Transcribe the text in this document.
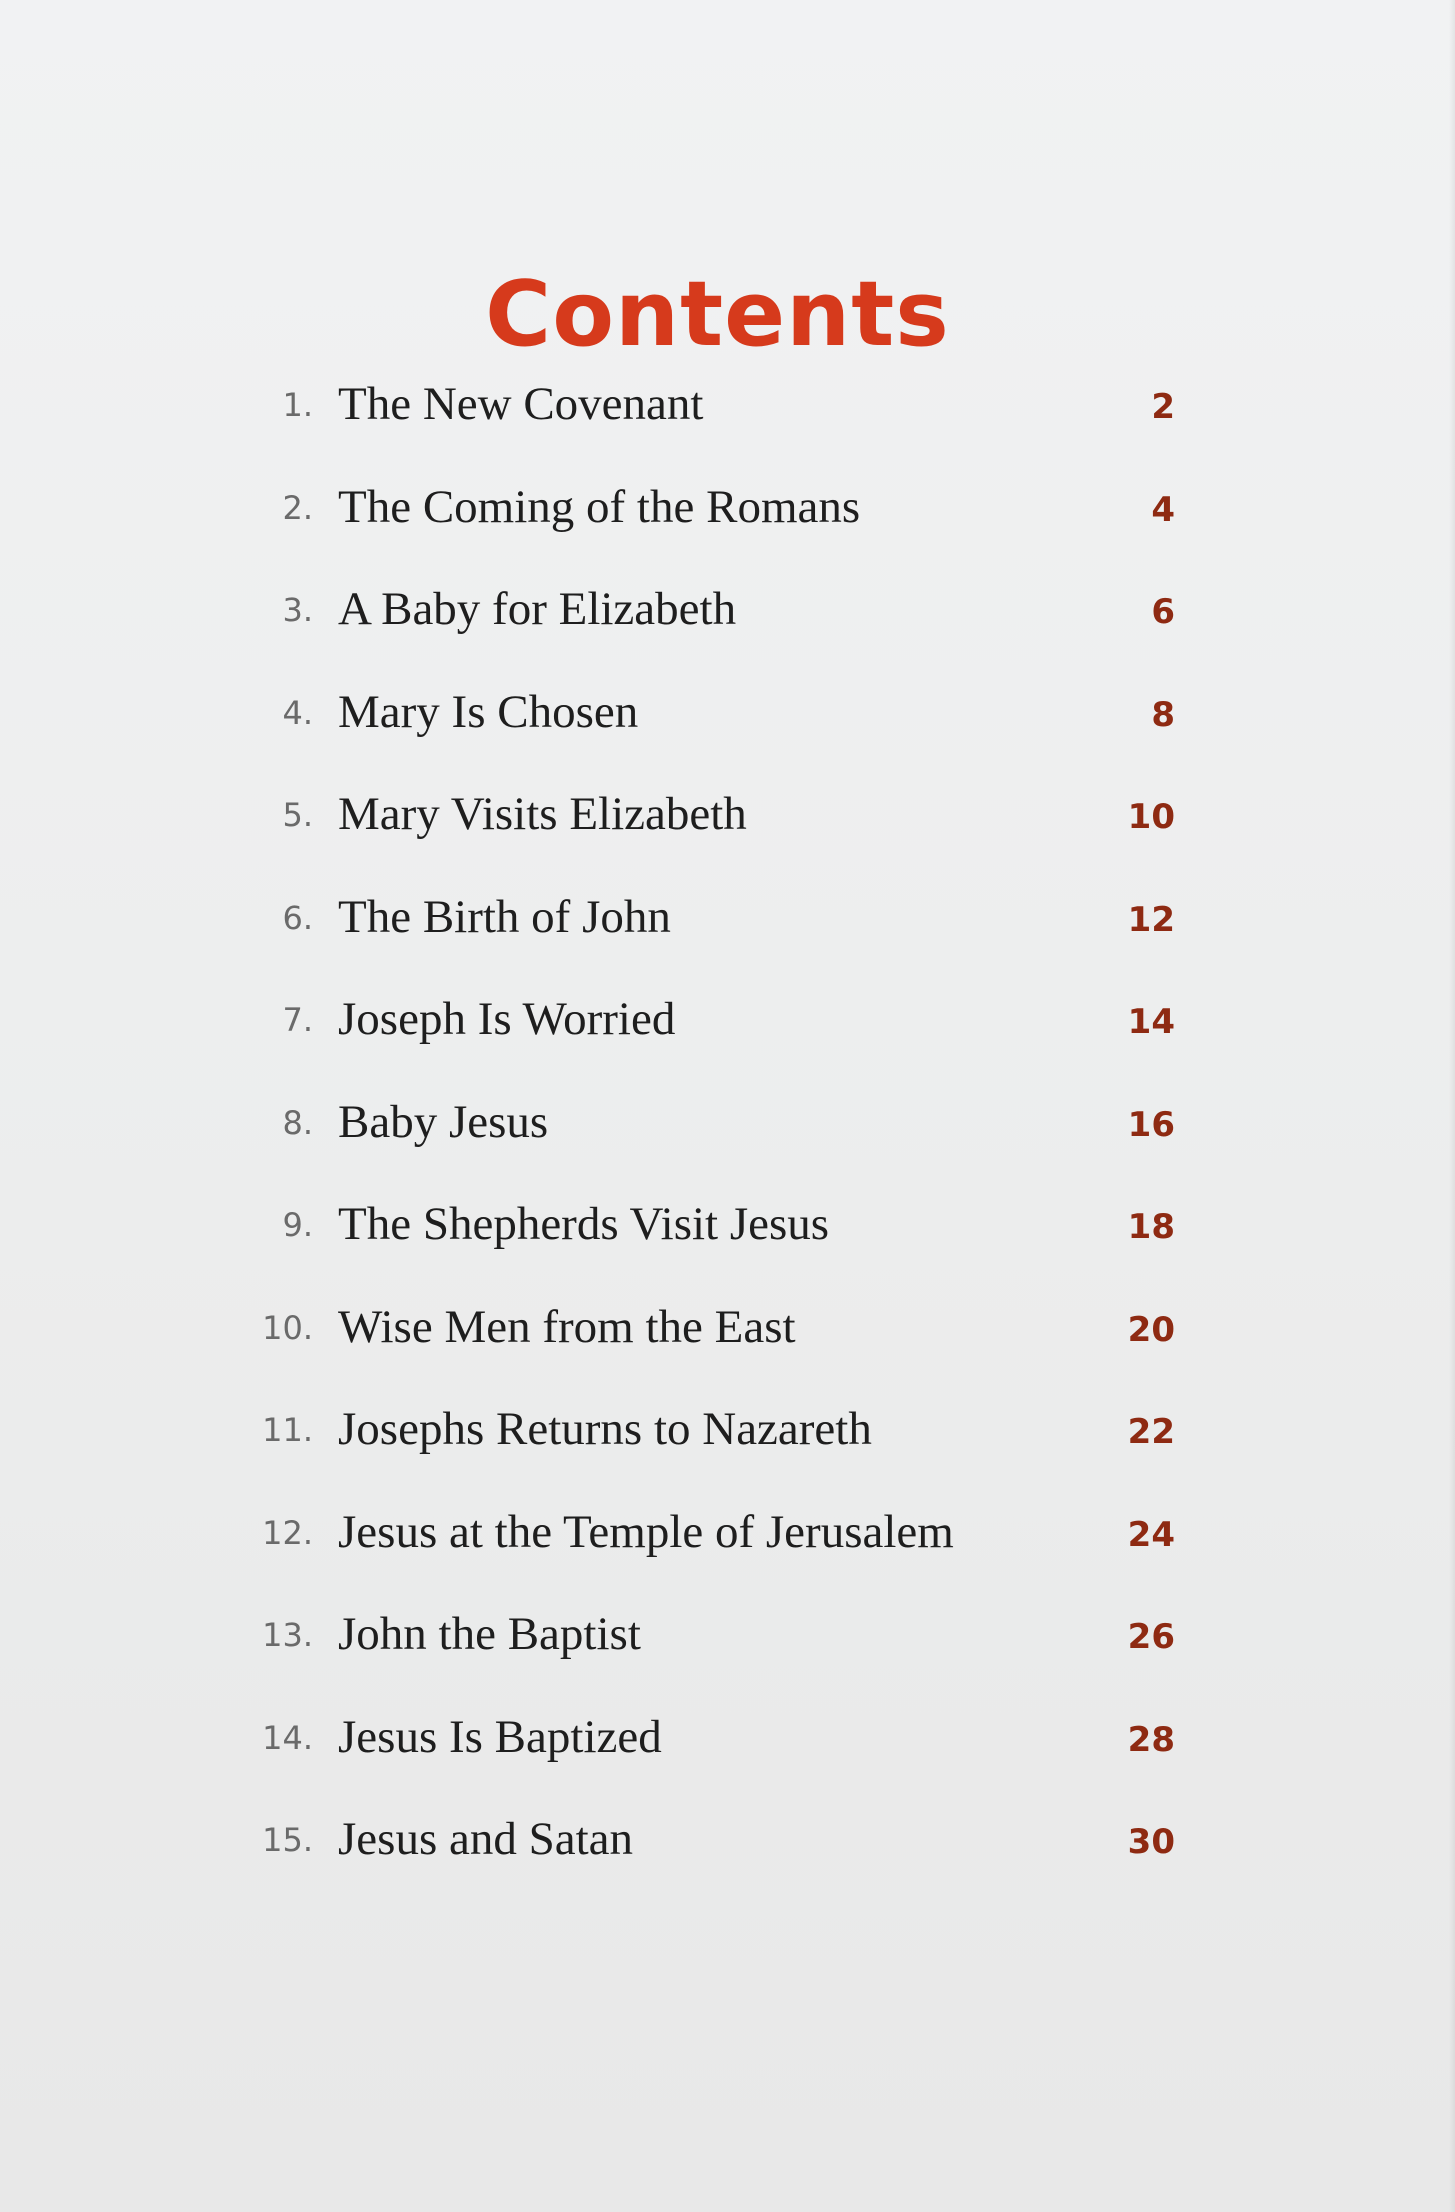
Contents
1. The New Covenant	2
2. The Coming of the Romans	4
3. A Baby for Elizabeth	6
4. Mary Is Chosen	8
5. Mary Visits Elizabeth	10
6. The Birth of John	12
7. Joseph Is Worried	14
8. Baby Jesus	16
9. The Shepherds Visit Jesus	18
10. Wise Men from the East	20
11. Josephs Returns to Nazareth	22
12. Jesus at the Temple of Jerusalem	24
13. John the Baptist	26
14. Jesus Is Baptized	28
15. Jesus and Satan	30
